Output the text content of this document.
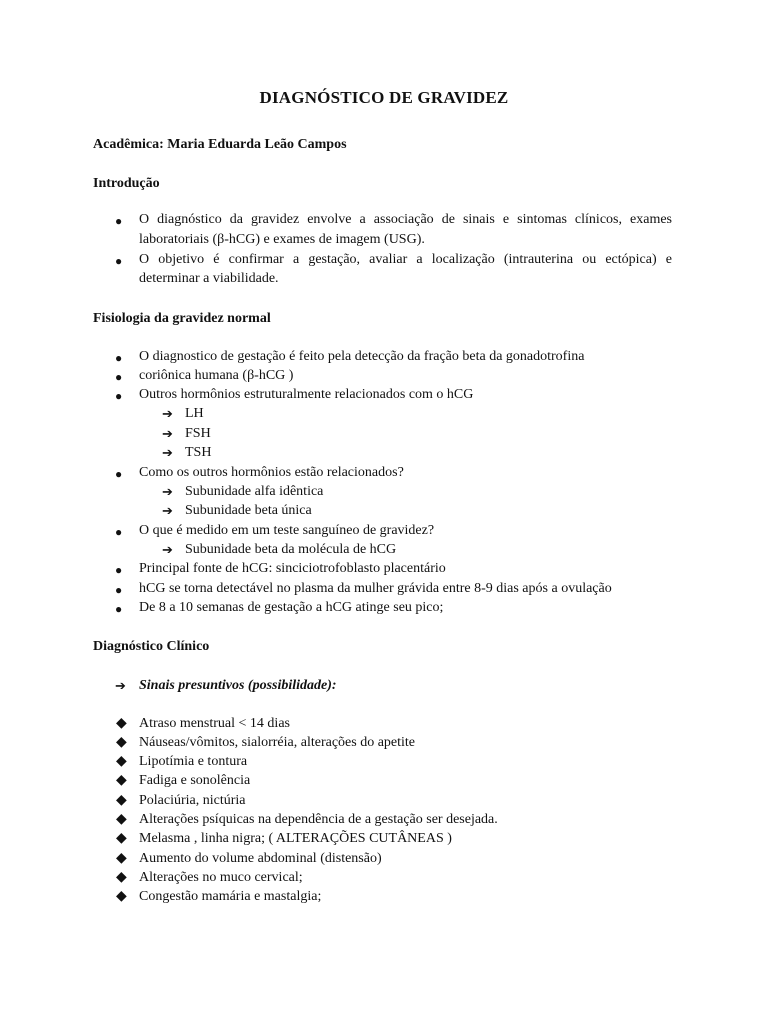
DIAGNÓSTICO DE GRAVIDEZ
Acadêmica: Maria Eduarda Leão Campos
Introdução
● O diagnóstico da gravidez envolve a associação de sinais e sintomas clínicos, exames
laboratoriais (β-hCG) e exames de imagem (USG).
● O objetivo é confirmar a gestação, avaliar a localização (intrauterina ou ectópica) e
determinar a viabilidade.
Fisiologia da gravidez normal
● O diagnostico de gestação é feito pela detecção da fração beta da gonadotrofina
● coriônica humana (β-hCG )
● Outros hormônios estruturalmente relacionados com o hCG
➔ LH
➔ FSH
➔ TSH
● Como os outros hormônios estão relacionados?
➔ Subunidade alfa idêntica
➔ Subunidade beta única
● O que é medido em um teste sanguíneo de gravidez?
➔ Subunidade beta da molécula de hCG
● Principal fonte de hCG: sinciciotrofoblasto placentário
● hCG se torna detectável no plasma da mulher grávida entre 8-9 dias após a ovulação
● De 8 a 10 semanas de gestação a hCG atinge seu pico;
Diagnóstico Clínico
➔ Sinais presuntivos (possibilidade):
◆ Atraso menstrual < 14 dias
◆ Náuseas/vômitos, sialorréia, alterações do apetite
◆ Lipotímia e tontura
◆ Fadiga e sonolência
◆ Polaciúria, nictúria
◆ Alterações psíquicas na dependência de a gestação ser desejada.
◆ Melasma , linha nigra; ( ALTERAÇÕES CUTÂNEAS )
◆ Aumento do volume abdominal (distensão)
◆ Alterações no muco cervical;
◆ Congestão mamária e mastalgia;
